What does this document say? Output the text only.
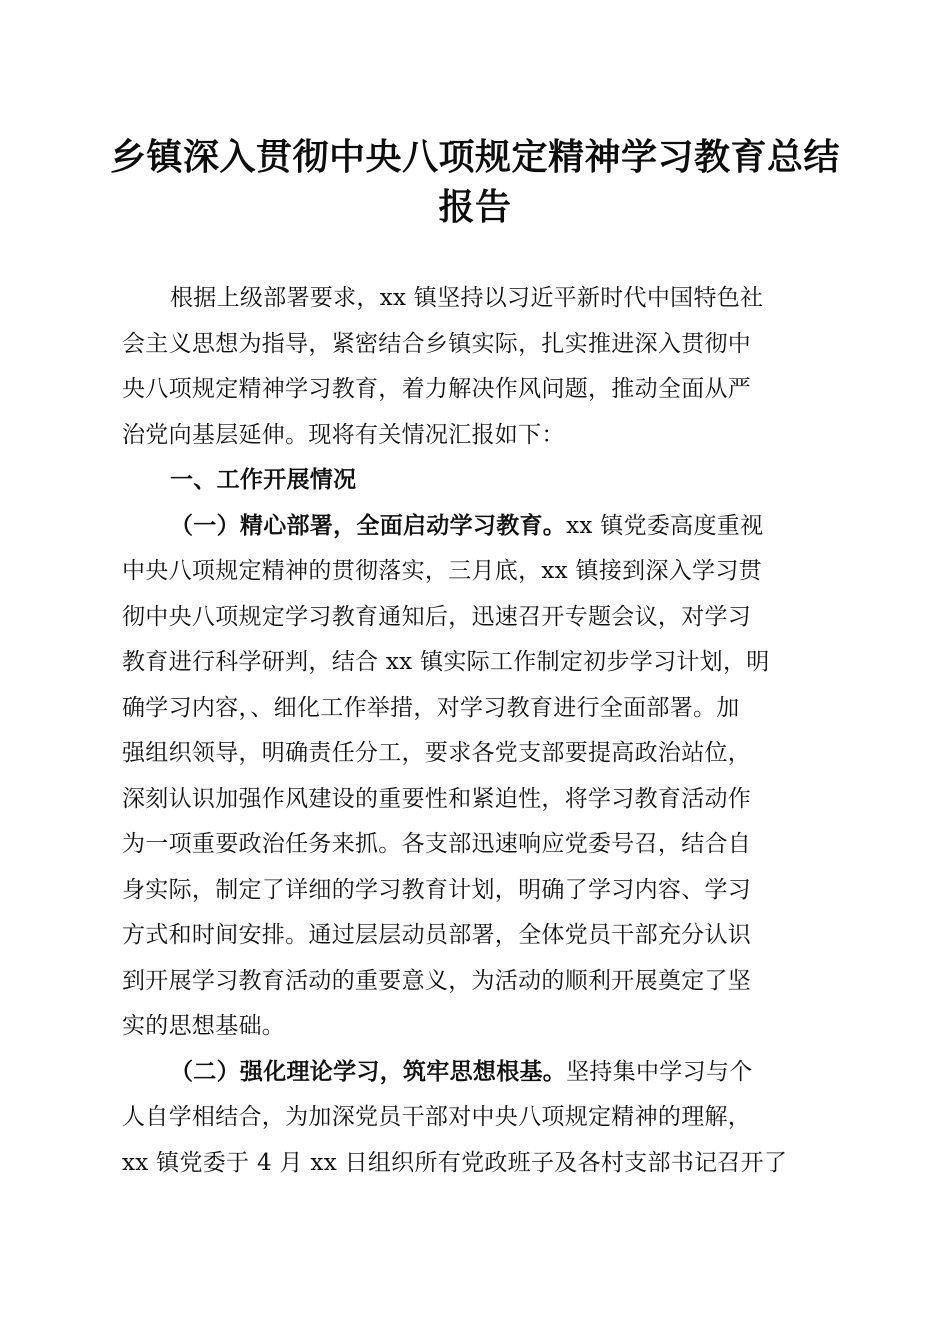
乡镇深入贯彻中央八项规定精神学习教育总结
报告
根据上级部署要求，xx 镇坚持以习近平新时代中国特色社
会主义思想为指导，紧密结合乡镇实际，扎实推进深入贯彻中
央八项规定精神学习教育，着力解决作风问题，推动全面从严
治党向基层延伸。现将有关情况汇报如下：
一、工作开展情况
（一）精心部署，全面启动学习教育。xx 镇党委高度重视
中央八项规定精神的贯彻落实，三月底，xx 镇接到深入学习贯
彻中央八项规定学习教育通知后，迅速召开专题会议，对学习
教育进行科学研判，结合 xx 镇实际工作制定初步学习计划，明
确学习内容，、细化工作举措，对学习教育进行全面部署。加
强组织领导，明确责任分工，要求各党支部要提高政治站位，
深刻认识加强作风建设的重要性和紧迫性，将学习教育活动作
为一项重要政治任务来抓。各支部迅速响应党委号召，结合自
身实际，制定了详细的学习教育计划，明确了学习内容、学习
方式和时间安排。通过层层动员部署，全体党员干部充分认识
到开展学习教育活动的重要意义，为活动的顺利开展奠定了坚
实的思想基础。
（二）强化理论学习，筑牢思想根基。坚持集中学习与个
人自学相结合，为加深党员干部对中央八项规定精神的理解，
xx 镇党委于 4 月 xx 日组织所有党政班子及各村支部书记召开了
